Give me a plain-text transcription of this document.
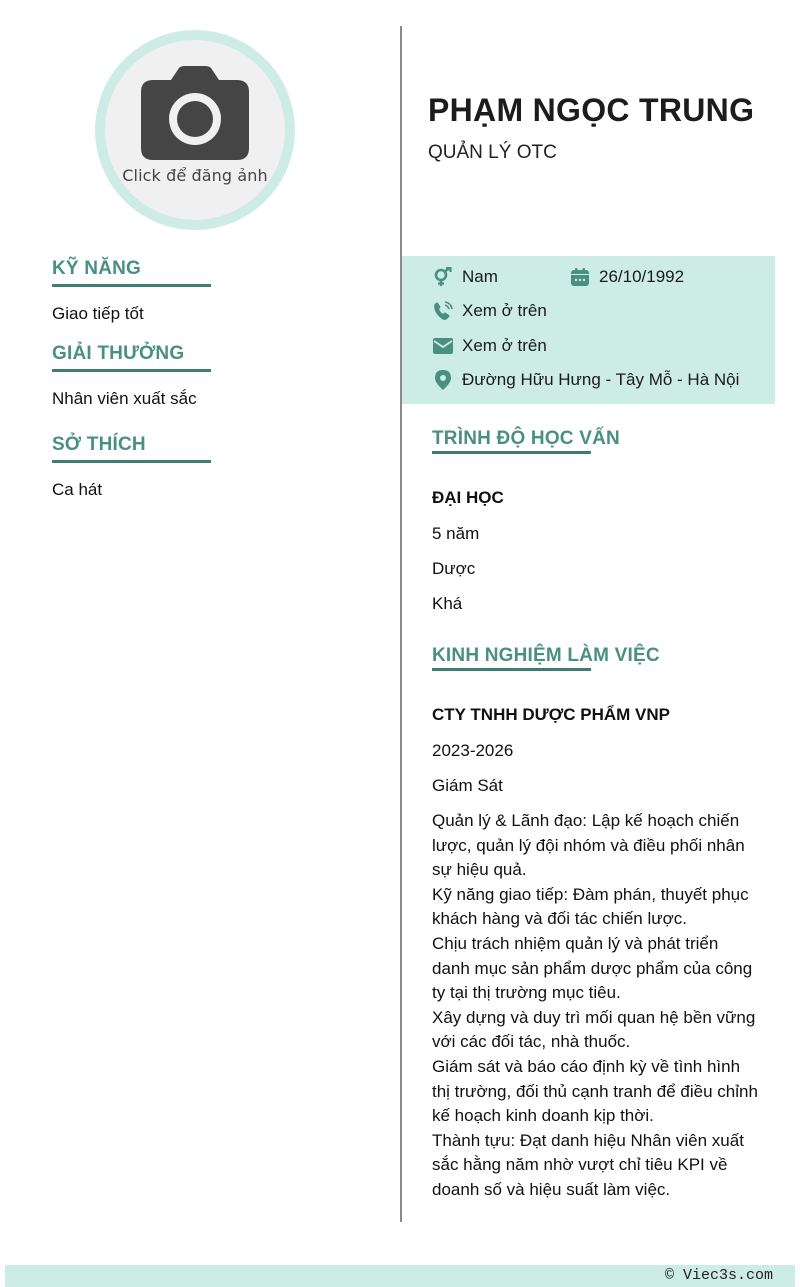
Click để đăng ảnh
KỸ NĂNG
Giao tiếp tốt
GIẢI THƯỞNG
Nhân viên xuất sắc
SỞ THÍCH
Ca hát
PHẠM NGỌC TRUNG
QUẢN LÝ OTC
Nam	26/10/1992
Xem ở trên
Xem ở trên
Đường Hữu Hưng - Tây Mỗ - Hà Nội
TRÌNH ĐỘ HỌC VẤN
ĐẠI HỌC
5 năm
Dược
Khá
KINH NGHIỆM LÀM VIỆC
CTY TNHH DƯỢC PHẨM VNP
2023-2026
Giám Sát

Quản lý & Lãnh đạo: Lập kế hoạch chiến lược, quản lý đội nhóm và điều phối nhân sự hiệu quả.

Kỹ năng giao tiếp: Đàm phán, thuyết phục khách hàng và đối tác chiến lược.

Chịu trách nhiệm quản lý và phát triển danh mục sản phẩm dược phẩm của công ty tại thị trường mục tiêu.

Xây dựng và duy trì mối quan hệ bền vững với các đối tác, nhà thuốc.

Giám sát và báo cáo định kỳ về tình hình thị trường, đối thủ cạnh tranh để điều chỉnh kế hoạch kinh doanh kịp thời.

Thành tựu: Đạt danh hiệu Nhân viên xuất sắc hằng năm nhờ vượt chỉ tiêu KPI về doanh số và hiệu suất làm việc.

© Viec3s.com
